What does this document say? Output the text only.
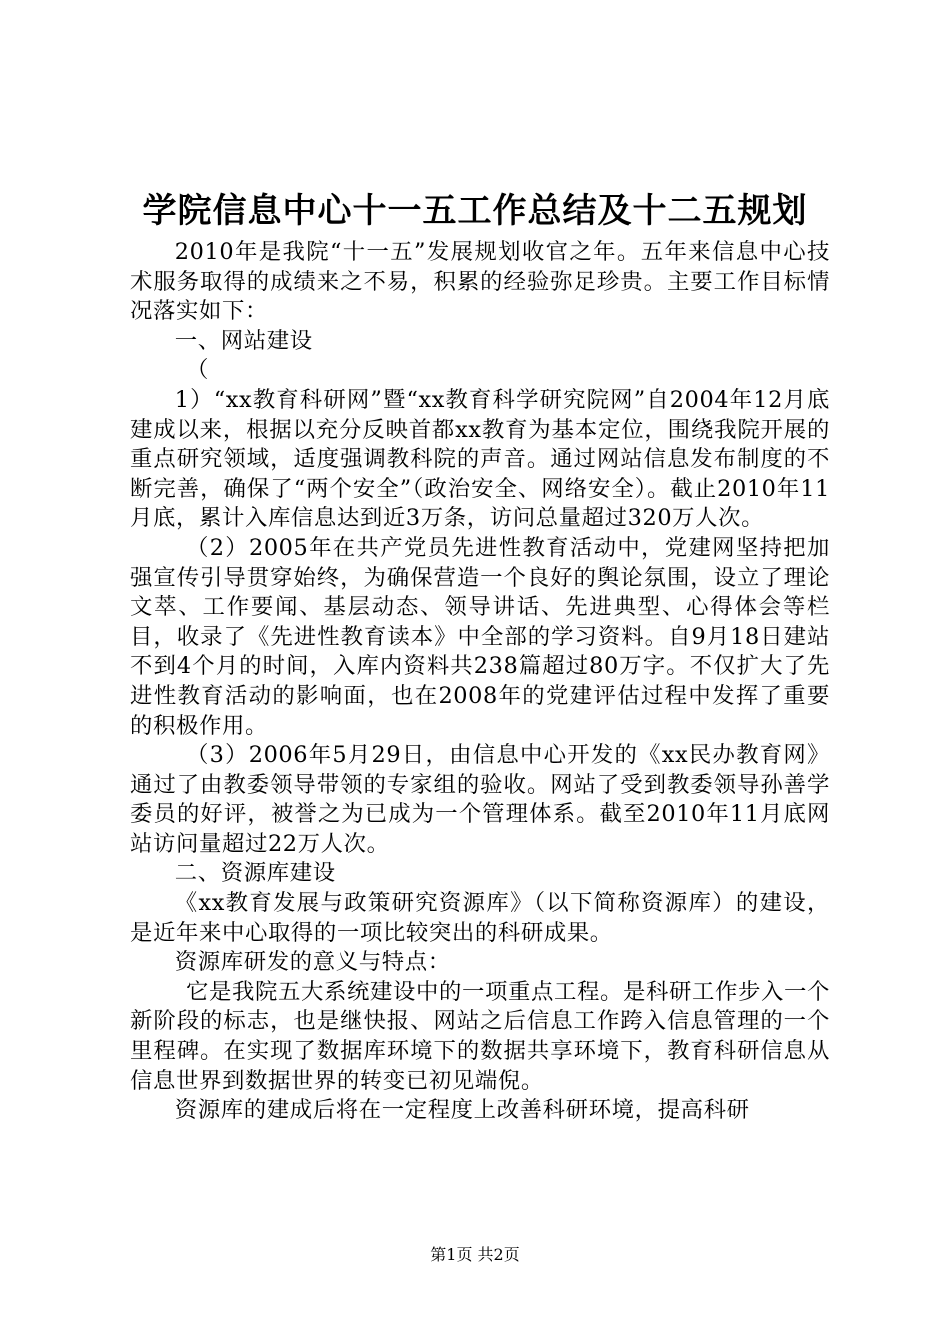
学院信息中心十一五工作总结及十二五规划

2010年是我院“十一五”发展规划收官之年。五年来信息中心技术服务取得的成绩来之不易，积累的经验弥足珍贵。主要工作目标情况落实如下：

一、网站建设

（

1）“xx教育科研网”暨“xx教育科学研究院网”自2004年12月底建成以来，根据以充分反映首都xx教育为基本定位，围绕我院开展的重点研究领域，适度强调教科院的声音。通过网站信息发布制度的不断完善，确保了“两个安全”（政治安全、网络安全）。截止2010年11月底，累计入库信息达到近3万条，访问总量超过320万人次。

（2）2005年在共产党员先进性教育活动中，党建网坚持把加强宣传引导贯穿始终，为确保营造一个良好的舆论氛围，设立了理论文萃、工作要闻、基层动态、领导讲话、先进典型、心得体会等栏目，收录了《先进性教育读本》中全部的学习资料。自9月18日建站不到4个月的时间，入库内资料共238篇超过80万字。不仅扩大了先进性教育活动的影响面，也在2008年的党建评估过程中发挥了重要的积极作用。

（3）2006年5月29日，由信息中心开发的《xx民办教育网》通过了由教委领导带领的专家组的验收。网站了受到教委领导孙善学委员的好评，被誉之为已成为一个管理体系。截至2010年11月底网站访问量超过22万人次。

二、资源库建设

《xx教育发展与政策研究资源库》（以下简称资源库）的建设，是近年来中心取得的一项比较突出的科研成果。

资源库研发的意义与特点：

它是我院五大系统建设中的一项重点工程。是科研工作步入一个新阶段的标志，也是继快报、网站之后信息工作跨入信息管理的一个里程碑。在实现了数据库环境下的数据共享环境下，教育科研信息从信息世界到数据世界的转变已初见端倪。

资源库的建成后将在一定程度上改善科研环境，提高科研

第1页 共2页
